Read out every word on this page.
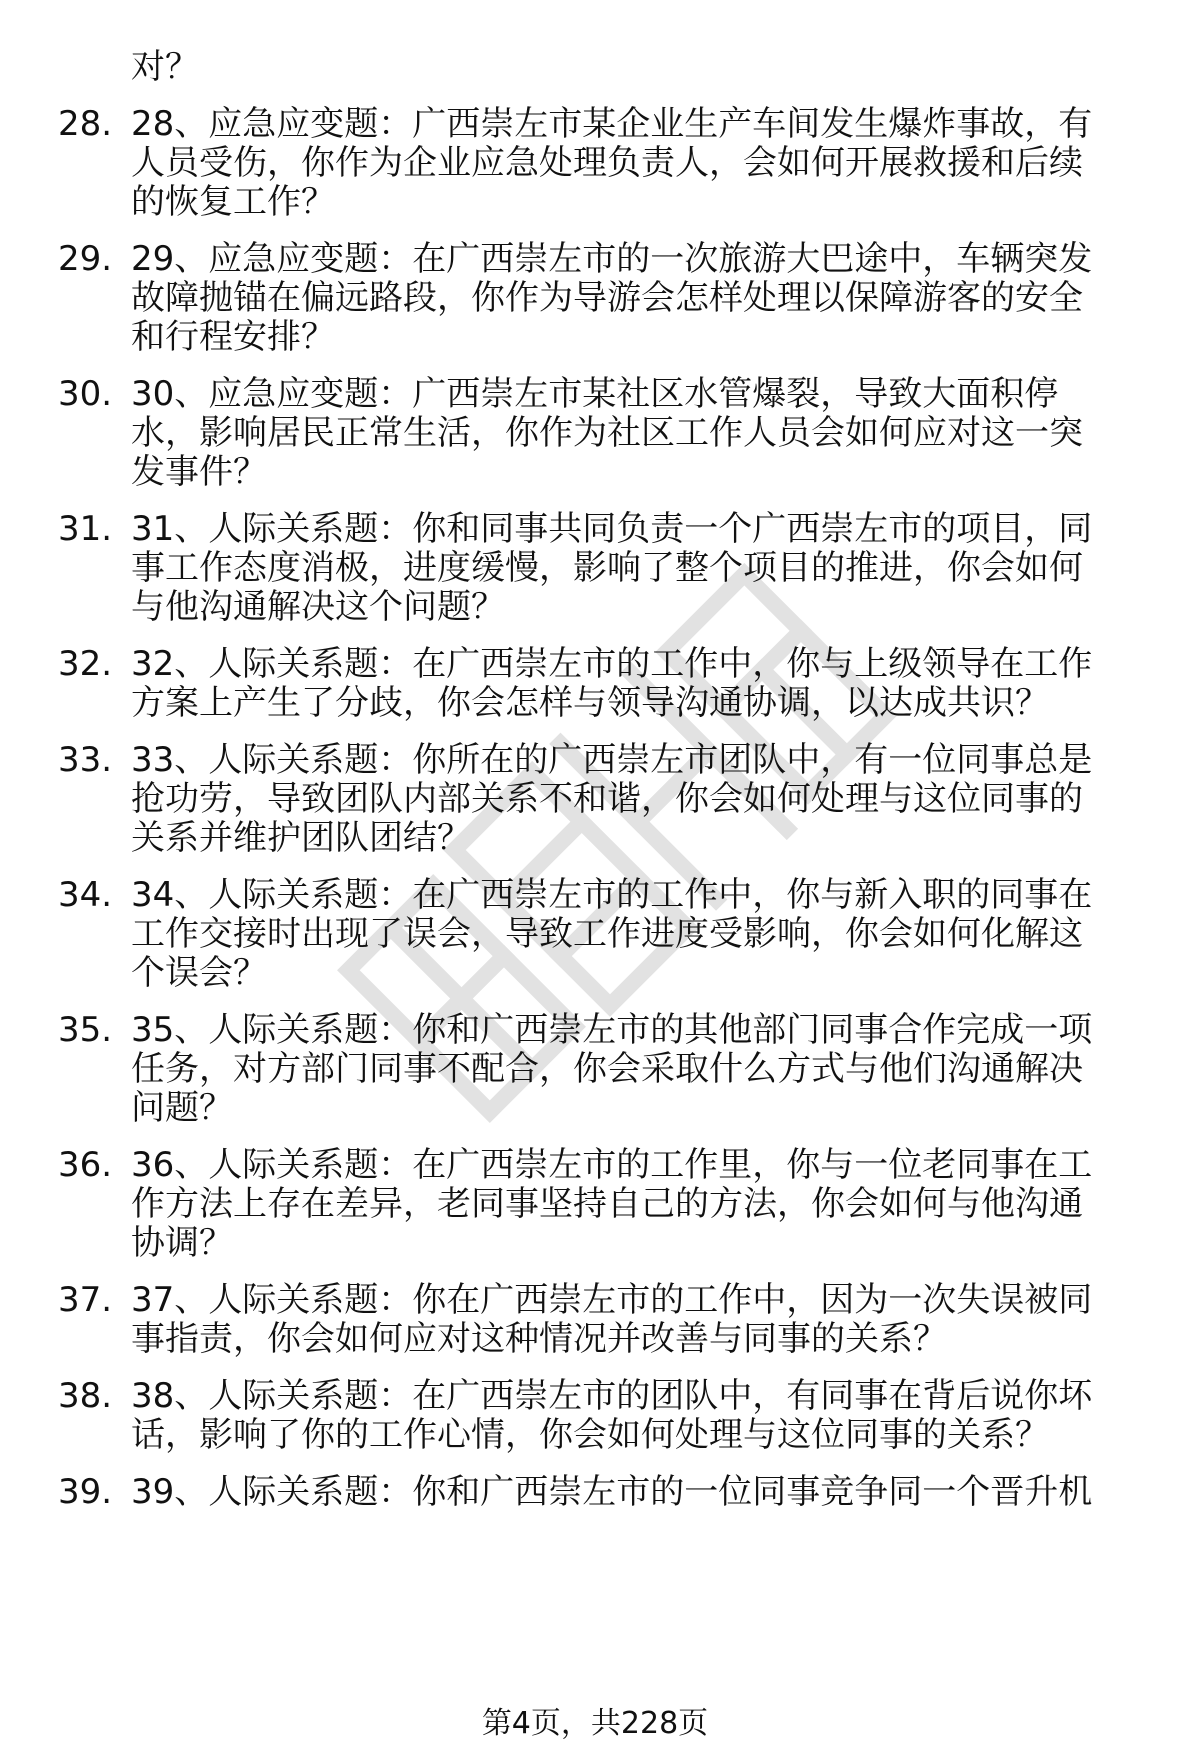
对？
28. 28、应急应变题：广西崇左市某企业生产车间发生爆炸事故，有
人员受伤，你作为企业应急处理负责人，会如何开展救援和后续
的恢复工作？
29. 29、应急应变题：在广西崇左市的一次旅游大巴途中，车辆突发
故障抛锚在偏远路段，你作为导游会怎样处理以保障游客的安全
和行程安排？
30. 30、应急应变题：广西崇左市某社区水管爆裂，导致大面积停
水，影响居民正常生活，你作为社区工作人员会如何应对这一突
发事件？
31. 31、人际关系题：你和同事共同负责一个广西崇左市的项目，同
事工作态度消极，进度缓慢，影响了整个项目的推进，你会如何
与他沟通解决这个问题？
32. 32、人际关系题：在广西崇左市的工作中，你与上级领导在工作
方案上产生了分歧，你会怎样与领导沟通协调，以达成共识？
33. 33、人际关系题：你所在的广西崇左市团队中，有一位同事总是
抢功劳，导致团队内部关系不和谐，你会如何处理与这位同事的
关系并维护团队团结？
34. 34、人际关系题：在广西崇左市的工作中，你与新入职的同事在
工作交接时出现了误会，导致工作进度受影响，你会如何化解这
个误会？
35. 35、人际关系题：你和广西崇左市的其他部门同事合作完成一项
任务，对方部门同事不配合，你会采取什么方式与他们沟通解决
问题？
36. 36、人际关系题：在广西崇左市的工作里，你与一位老同事在工
作方法上存在差异，老同事坚持自己的方法，你会如何与他沟通
协调？
37. 37、人际关系题：你在广西崇左市的工作中，因为一次失误被同
事指责，你会如何应对这种情况并改善与同事的关系？
38. 38、人际关系题：在广西崇左市的团队中，有同事在背后说你坏
话，影响了你的工作心情，你会如何处理与这位同事的关系？
39. 39、人际关系题：你和广西崇左市的一位同事竞争同一个晋升机
第4页，共228页
